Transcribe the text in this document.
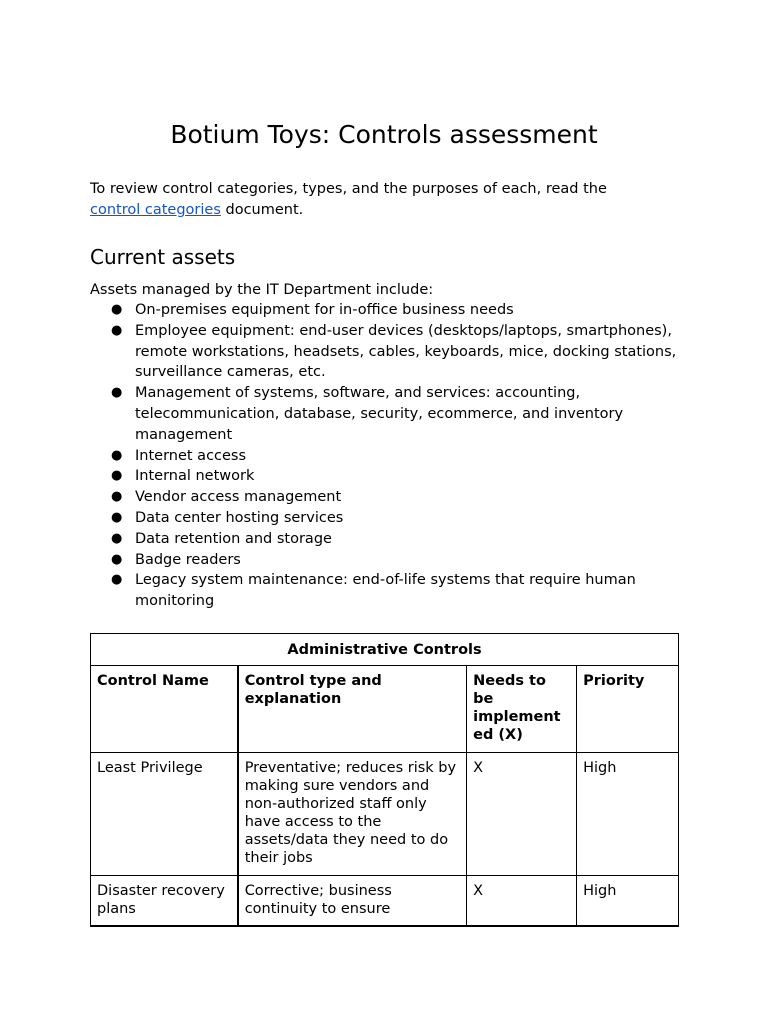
Botium Toys: Controls assessment

To review control categories, types, and the purposes of each, read the
control categories document.

Current assets

Assets managed by the IT Department include:

● On-premises equipment for in-office business needs
● Employee equipment: end-user devices (desktops/laptops, smartphones), remote workstations, headsets, cables, keyboards, mice, docking stations, surveillance cameras, etc.
● Management of systems, software, and services: accounting, telecommunication, database, security, ecommerce, and inventory management
● Internet access
● Internal network
● Vendor access management
● Data center hosting services
● Data retention and storage
● Badge readers
● Legacy system maintenance: end-of-life systems that require human monitoring
Administrative Controls			
Control Name	Control type and explanation	Needs to be implement ed (X)	Priority
Least Privilege	Preventative; reduces risk by making sure vendors and non-authorized staff only have access to the assets/data they need to do their jobs	X	High
Disaster recovery plans	Corrective; business continuity to ensure	X	High
